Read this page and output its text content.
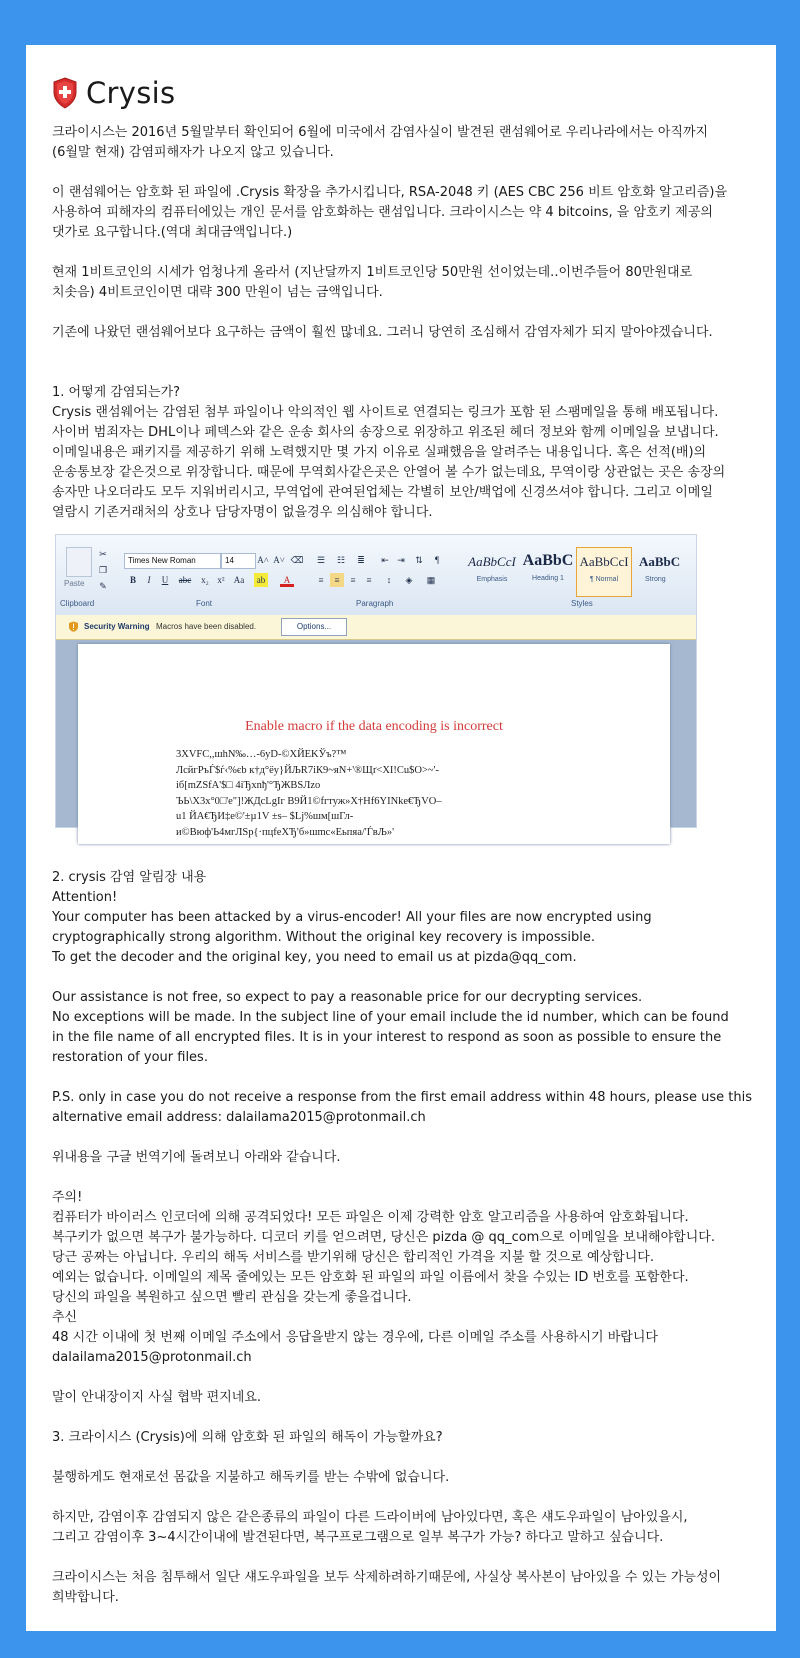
Crysis

크라이시스는 2016년 5월말부터 확인되어 6월에 미국에서 감염사실이 발견된 랜섬웨어로 우리나라에서는 아직까지
(6월말 현재) 감염피해자가 나오지 않고 있습니다.

이 랜섬웨어는 암호화 된 파일에 .Crysis 확장을 추가시킵니다, RSA-2048 키 (AES CBC 256 비트 암호화 알고리즘)을
사용하여 피해자의 컴퓨터에있는 개인 문서를 암호화하는 랜섬입니다. 크라이시스는 약 4 bitcoins, 을 암호키 제공의
댓가로 요구합니다.(역대 최대금액입니다.)

현재 1비트코인의 시세가 엄청나게 올라서 (지난달까지 1비트코인당 50만원 선이었는데..이번주들어 80만원대로
치솟음) 4비트코인이면 대략 300 만원이 넘는 금액입니다.

기존에 나왔던 랜섬웨어보다 요구하는 금액이 훨씬 많네요. 그러니 당연히 조심해서 감염자체가 되지 말아야겠습니다.

1. 어떻게 감염되는가?

Crysis 랜섬웨어는 감염된 첨부 파일이나 악의적인 웹 사이트로 연결되는 링크가 포함 된 스팸메일을 통해 배포됩니다.
사이버 범죄자는 DHL이나 페덱스와 같은 운송 회사의 송장으로 위장하고 위조된 헤더 정보와 함께 이메일을 보냅니다.
이메일내용은 패키지를 제공하기 위해 노력했지만 몇 가지 이유로 실패했음을 알려주는 내용입니다. 혹은 선적(배)의
운송통보장 같은것으로 위장합니다. 때문에 무역회사같은곳은 안열어 볼 수가 없는데요, 무역이랑 상관없는 곳은 송장의
송자만 나오더라도 모두 지워버리시고, 무역업에 관여된업체는 각별히 보안/백업에 신경쓰셔야 합니다. 그리고 이메일
열람시 기존거래처의 상호나 담당자명이 없을경우 의심해야 합니다.

Paste
✂
❐
✎
Clipboard
Times New Roman	14	A˄ A˅ ⌫
B	I	U	abc	x₂ x²	Aa	ab	A
Font
☰	☷	≣	⇤ ⇥	⇅	¶
≡	≡	≡	≡	↕	◈	▦
Paragraph
AaBbCcI
Emphasis
AaBbC
Heading 1
AaBbCcI
¶ Normal
AaBbC
Strong
Styles
Security Warning Macros have been disabled.	Options...
Enable macro if the data encoding is incorrect
3XVFC,,шhN‰…-6yD-©XЙEKЎъ?™
ЛсйгРъЃ$ѓ‹%єb к†д°ёу}ЙЉR7iК9~яN+'®Щґ<XI!Cu$O>~'-
іб[mZSfA'$□ 4iЂхnђ'°ЂЖBSЛzо
ЪЬ\X3x°0□'e"]!ЖДсLgIг B9Й1©fгтуж»X†Hf6YINke€ЂVO–
u1 ЙA€ЂИ‡е©'±µ1V ±s– $Lj%шм[шГл-
и©Вюф'Ь4мгЛSр{·пцfеХЂ'б»шmс«Еьпяа/'ЃвЉ»'

2. crysis 감염 알림장 내용

Attention!
Your computer has been attacked by a virus-encoder! All your files are now encrypted using
cryptographically strong algorithm. Without the original key recovery is impossible.
To get the decoder and the original key, you need to email us at pizda@qq_com.

Our assistance is not free, so expect to pay a reasonable price for our decrypting services.
No exceptions will be made. In the subject line of your email include the id number, which can be found
in the file name of all encrypted files. It is in your interest to respond as soon as possible to ensure the
restoration of your files.

P.S. only in case you do not receive a response from the first email address within 48 hours, please use this
alternative email address: dalailama2015@protonmail.ch

위내용을 구글 번역기에 돌려보니 아래와 같습니다.

주의!
컴퓨터가 바이러스 인코더에 의해 공격되었다! 모든 파일은 이제 강력한 암호 알고리즘을 사용하여 암호화됩니다.
복구키가 없으면 복구가 불가능하다. 디코더 키를 얻으려면, 당신은 pizda @ qq_com으로 이메일을 보내해야합니다.
당근 공짜는 아닙니다. 우리의 해독 서비스를 받기위해 당신은 합리적인 가격을 지불 할 것으로 예상합니다.
예외는 없습니다. 이메일의 제목 줄에있는 모든 암호화 된 파일의 파일 이름에서 찾을 수있는 ID 번호를 포함한다.
당신의 파일을 복원하고 싶으면 빨리 관심을 갖는게 좋을겁니다.
추신
48 시간 이내에 첫 번째 이메일 주소에서 응답을받지 않는 경우에, 다른 이메일 주소를 사용하시기 바랍니다
dalailama2015@protonmail.ch

말이 안내장이지 사실 협박 편지네요.

3. 크라이시스 (Crysis)에 의해 암호화 된 파일의 해독이 가능할까요?

불행하게도 현재로선 몸값을 지불하고 해독키를 받는 수밖에 없습니다.

하지만, 감염이후 감염되지 않은 같은종류의 파일이 다른 드라이버에 남아있다면, 혹은 섀도우파일이 남아있을시,
그리고 감염이후 3~4시간이내에 발견된다면, 복구프로그램으로 일부 복구가 가능? 하다고 말하고 싶습니다.

크라이시스는 처음 침투해서 일단 섀도우파일을 보두 삭제하려하기때문에, 사실상 복사본이 남아있을 수 있는 가능성이
희박합니다.
